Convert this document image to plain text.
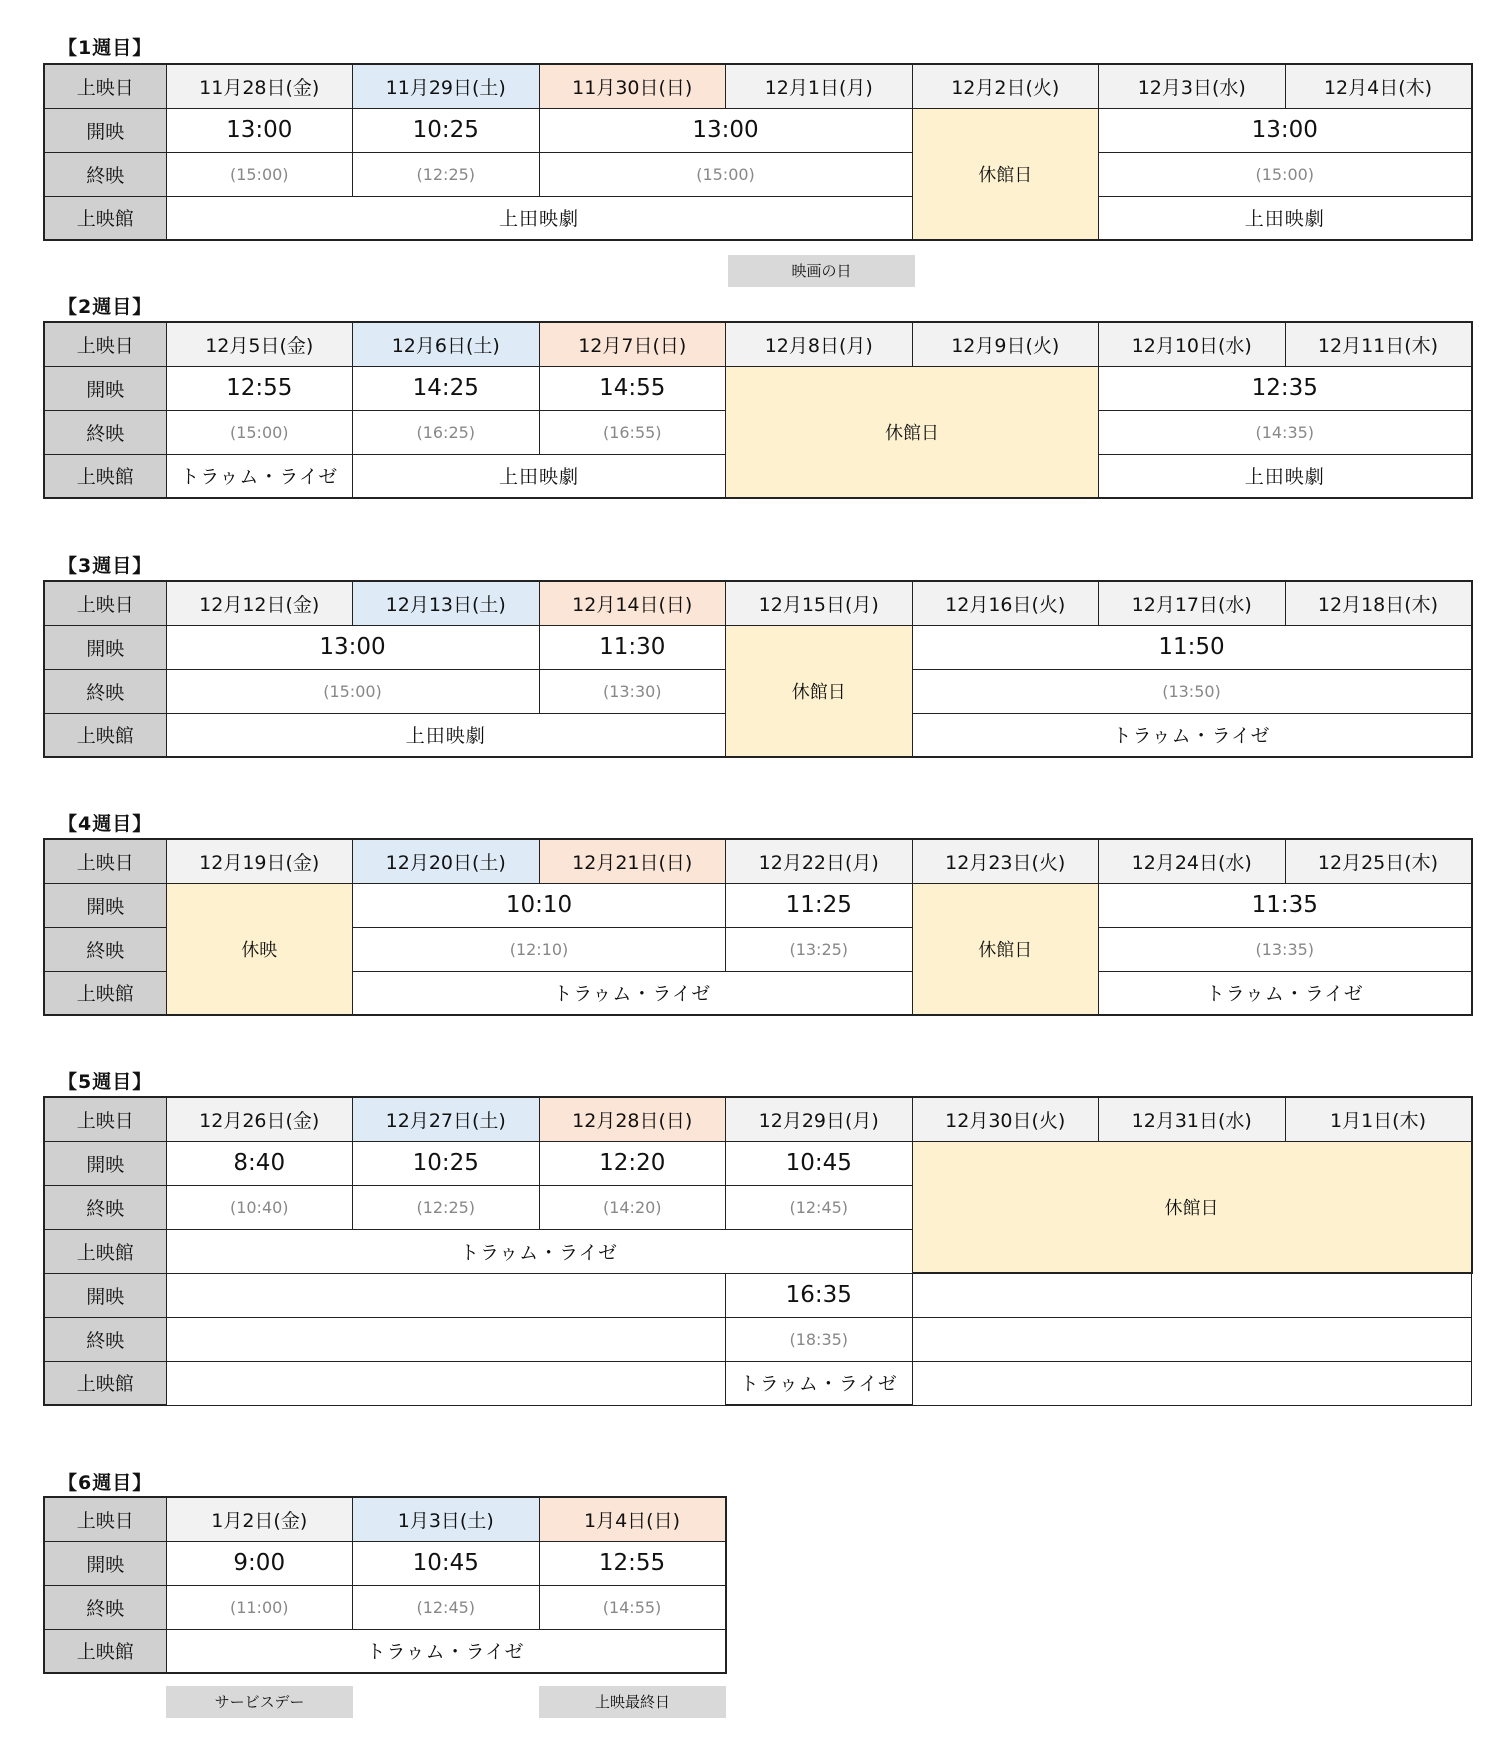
【1週目】
上映日	11月28日(金)	11月29日(土)	11月30日(日)	12月1日(月)	12月2日(火)	12月3日(水)	12月4日(木)
開映	13:00	10:25	13:00		休館日	13:00	
終映	(15:00)	(12:25)	(15:00)			(15:00)	
上映館	上田映劇					上田映劇	
映画の日
【2週目】
上映日	12月5日(金)	12月6日(土)	12月7日(日)	12月8日(月)	12月9日(火)	12月10日(水)	12月11日(木)
開映	12:55	14:25	14:55	休館日		12:35	
終映	(15:00)	(16:25)	(16:55)			(14:35)	
上映館	トラゥム・ライゼ	上田映劇				上田映劇	
【3週目】
上映日	12月12日(金)	12月13日(土)	12月14日(日)	12月15日(月)	12月16日(火)	12月17日(水)	12月18日(木)
開映	13:00		11:30	休館日	11:50		
終映	(15:00)		(13:30)		(13:50)		
上映館	上田映劇				トラゥム・ライゼ		
【4週目】
上映日	12月19日(金)	12月20日(土)	12月21日(日)	12月22日(月)	12月23日(火)	12月24日(水)	12月25日(木)
開映	休映	10:10		11:25	休館日	11:35	
終映		(12:10)		(13:25)		(13:35)	
上映館		トラゥム・ライゼ				トラゥム・ライゼ	
【5週目】
上映日	12月26日(金)	12月27日(土)	12月28日(日)	12月29日(月)	12月30日(火)	12月31日(水)	1月1日(木)
開映	8:40	10:25	12:20	10:45	休館日		
終映	(10:40)	(12:25)	(14:20)	(12:45)			
上映館	トラゥム・ライゼ						
開映				16:35			
終映				(18:35)			
上映館				トラゥム・ライゼ			
【6週目】
上映日	1月2日(金)	1月3日(土)	1月4日(日)
開映	9:00	10:45	12:55
終映	(11:00)	(12:45)	(14:55)
上映館	トラゥム・ライゼ		
サービスデー	上映最終日
